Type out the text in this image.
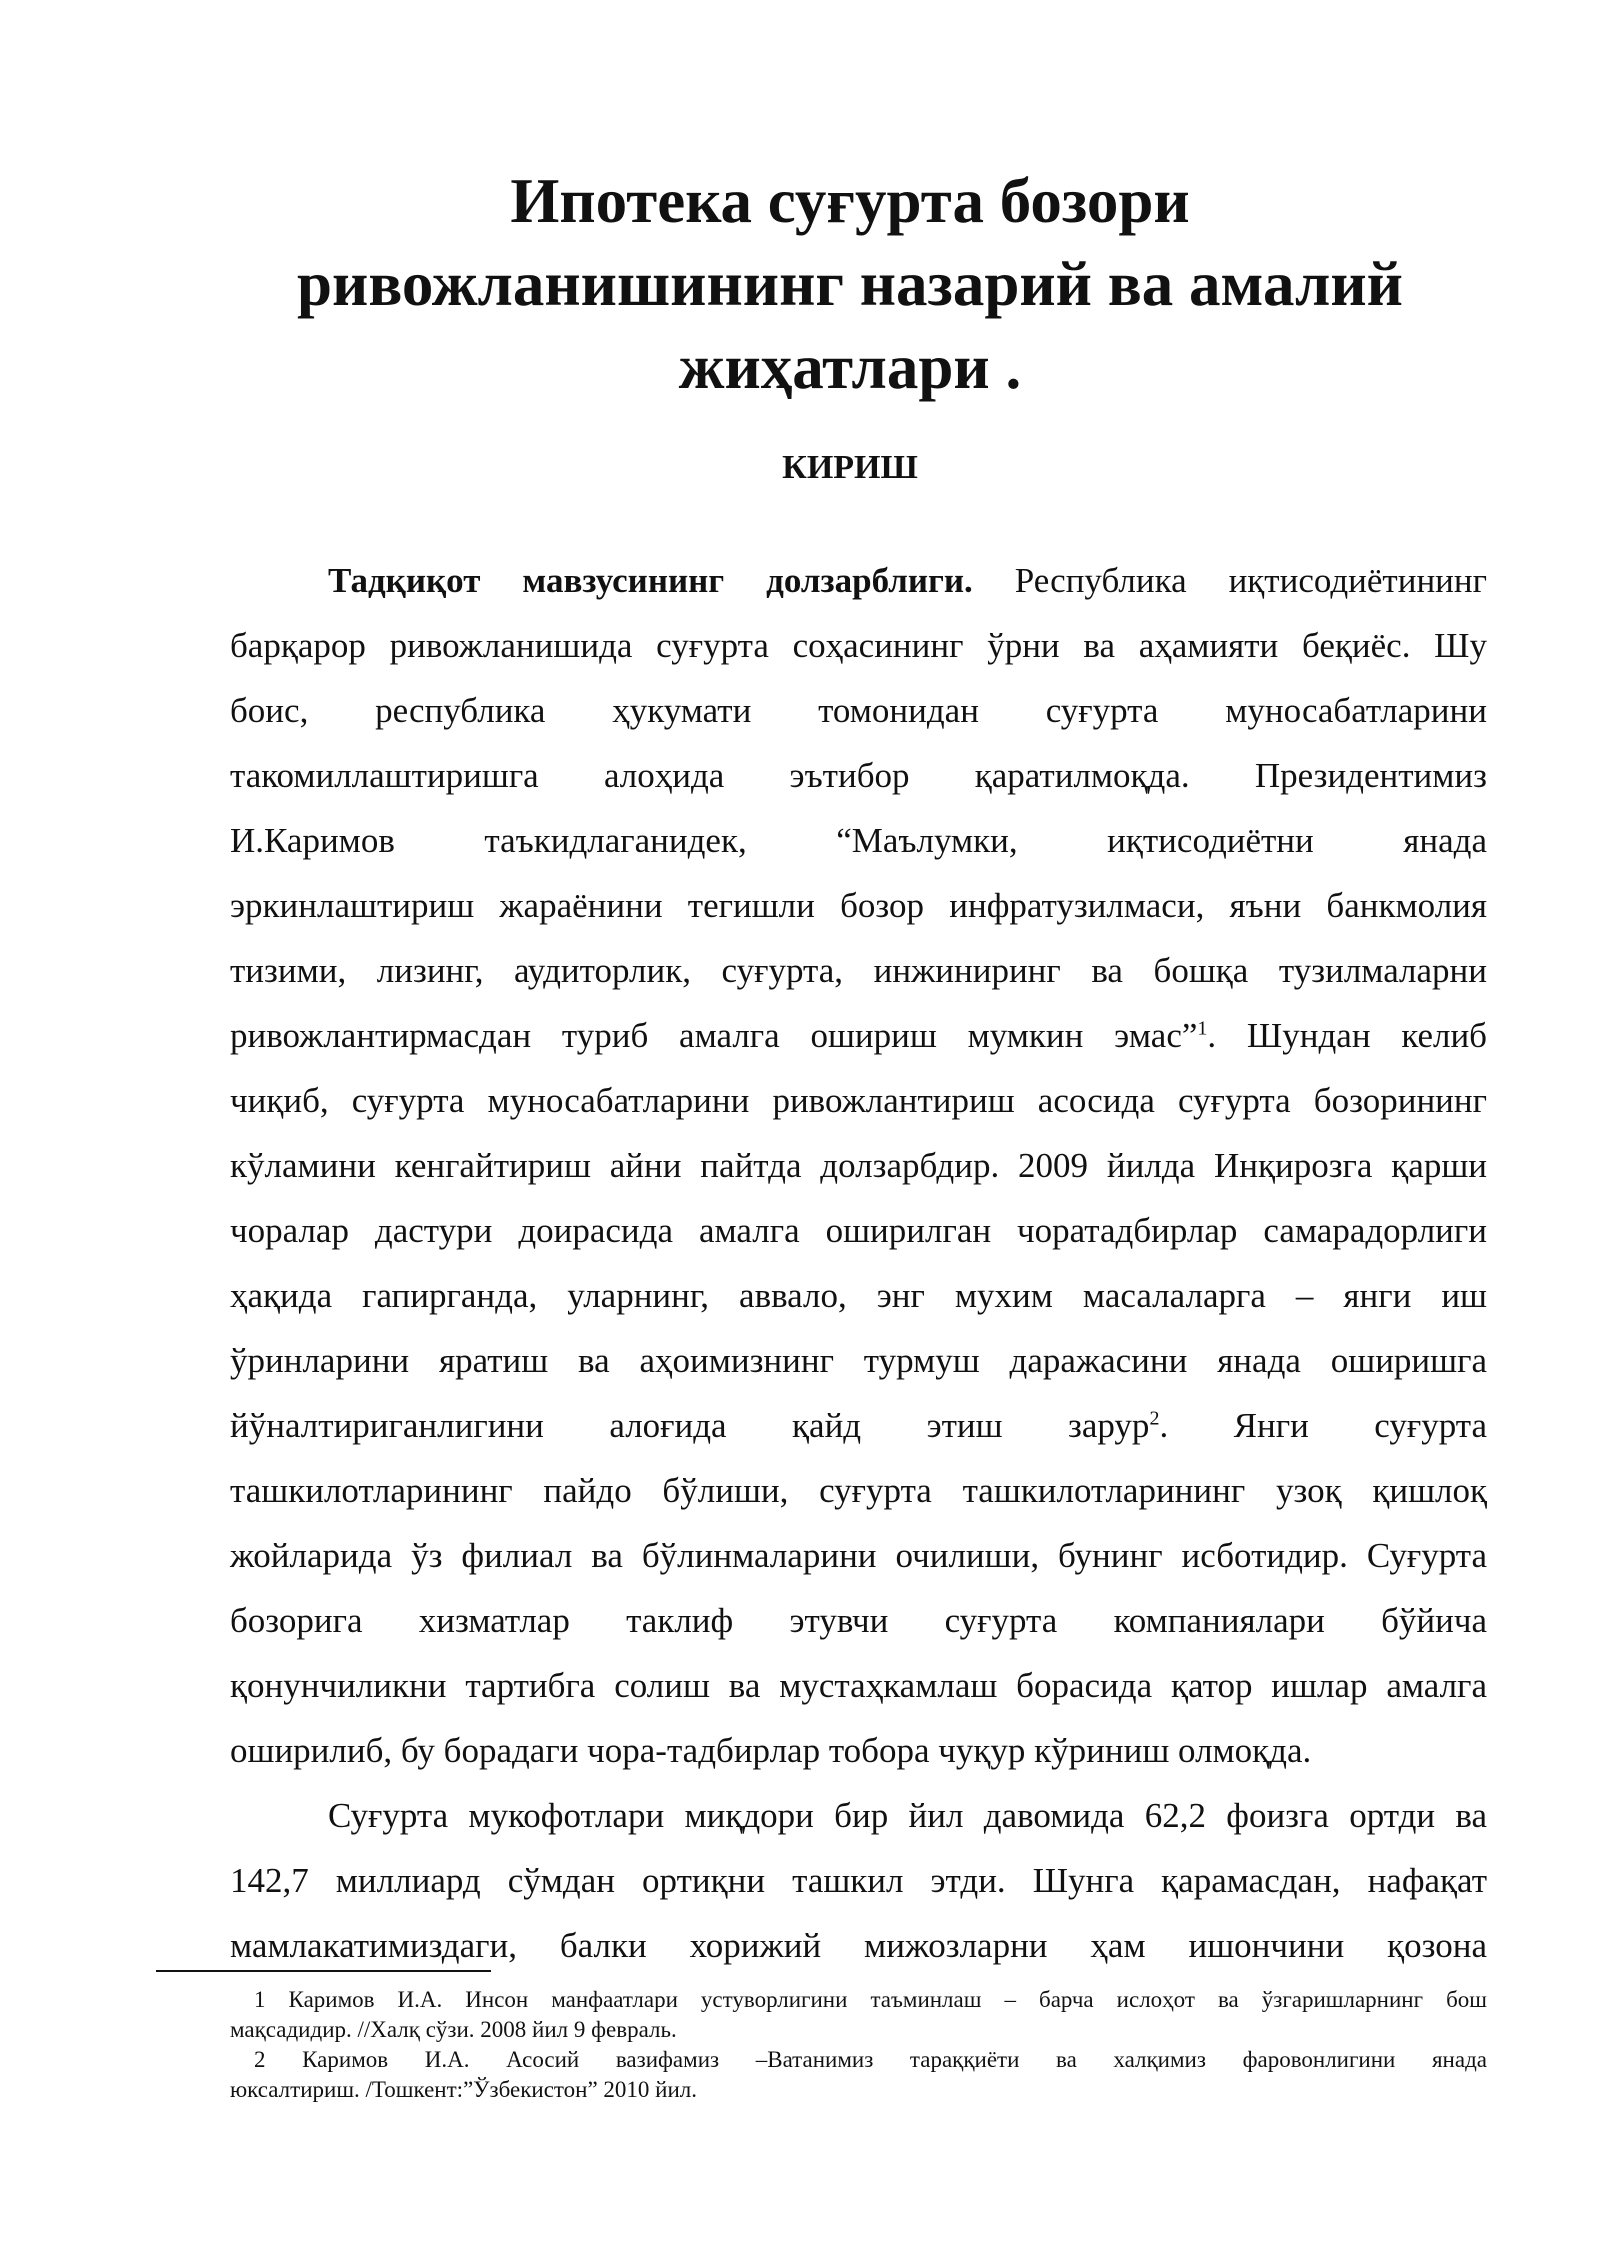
Ипотека суғурта бозори
ривожланишининг назарий ва амалий
жиҳатлари .
КИРИШ
Тадқиқот мавзусининг долзарблиги. Республика иқтисодиётининг
барқарор ривожланишида суғурта соҳасининг ўрни ва аҳамияти беқиёс. Шу
боис, республика ҳукумати томонидан суғурта муносабатларини
такомиллаштиришга алоҳида эътибор қаратилмоқда. Президентимиз
И.Каримов таъкидлаганидек, “Маълумки, иқтисодиётни янада
эркинлаштириш жараёнини тегишли бозор инфратузилмаси, яъни банкмолия
тизими, лизинг, аудиторлик, суғурта, инжиниринг ва бошқа тузилмаларни
ривожлантирмасдан туриб амалга ошириш мумкин эмас”$^1$. Шундан келиб
чиқиб, суғурта муносабатларини ривожлантириш асосида суғурта бозорининг
кўламини кенгайтириш айни пайтда долзарбдир. 2009 йилда Инқирозга қарши
чоралар дастури доирасида амалга оширилган чоратадбирлар самарадорлиги
ҳақида гапирганда, уларнинг, аввало, энг мухим масалаларга – янги иш
ўринларини яратиш ва аҳоимизнинг турмуш даражасини янада оширишга
йўналтириганлигини алоғида қайд этиш зарур$^2$. Янги суғурта
ташкилотларининг пайдо бўлиши, суғурта ташкилотларининг узоқ қишлоқ
жойларида ўз филиал ва бўлинмаларини очилиши, бунинг исботидир. Суғурта
бозорига хизматлар таклиф этувчи суғурта компаниялари бўйича
қонунчиликни тартибга солиш ва мустаҳкамлаш борасида қатор ишлар амалга
оширилиб, бу борадаги чора-тадбирлар тобора чуқур кўриниш олмоқда.
Суғурта мукофотлари миқдори бир йил давомида 62,2 фоизга ортди ва
142,7 миллиард сўмдан ортиқни ташкил этди. Шунга қарамасдан, нафақат
мамлакатимиздаги, балки хорижий мижозларни ҳам ишончини қозона
1 Каримов И.А. Инсон манфаатлари устуворлигини таъминлаш – барча ислоҳот ва ўзгаришларнинг бош
мақсадидир. //Халқ сўзи. 2008 йил 9 февраль.
2 Каримов И.А. Асосий вазифамиз –Ватанимиз тараққиёти ва халқимиз фаровонлигини янада
юксалтириш. /Тошкент:”Ўзбекистон” 2010 йил.
